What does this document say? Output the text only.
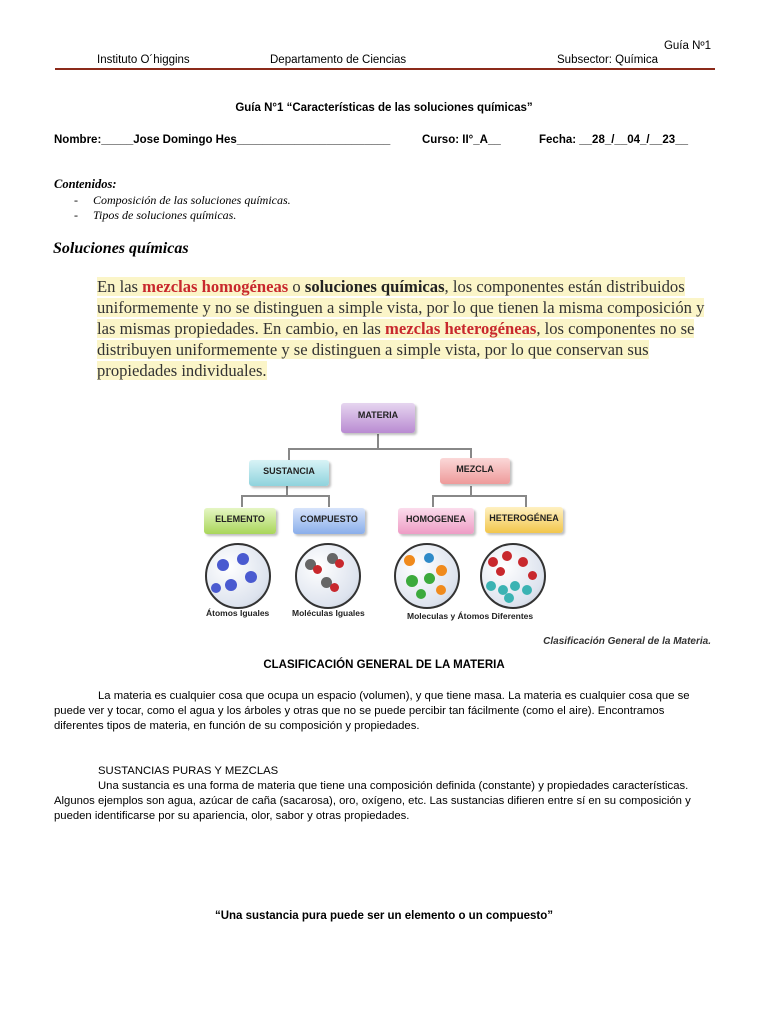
Guía Nº1
Instituto O´higgins	Departamento de Ciencias	Subsector: Química
Guía N°1 “Características de las soluciones químicas”
Nombre:_____Jose Domingo Hes________________________	Curso: II°_A__	Fecha: __28_/__04_/__23__
Contenidos:
-     Composición de las soluciones químicas.
-     Tipos de soluciones químicas.
Soluciones químicas
En las mezclas homogéneas o soluciones químicas, los componentes están distribuidos uniformemente y no se distinguen a simple vista, por lo que tienen la misma composición y las mismas propiedades. En cambio, en las mezclas heterogéneas, los componentes no se distribuyen uniformemente y se distinguen a simple vista, por lo que conservan sus propiedades individuales.
MATERIA
SUSTANCIA	MEZCLA
ELEMENTO	COMPUESTO	HOMOGENEA	HETEROGÉNEA
Átomos Iguales	Moléculas Iguales	Moleculas y Átomos Diferentes
Clasificación General de la Materia.
CLASIFICACIÓN GENERAL DE LA MATERIA
La materia es cualquier cosa que ocupa un espacio (volumen), y que tiene masa. La materia es cualquier cosa que se puede ver y tocar, como el agua y los árboles y otras que no se puede percibir tan fácilmente (como el aire). Encontramos diferentes tipos de materia, en función de su composición y propiedades.
SUSTANCIAS PURAS Y MEZCLAS
Una sustancia es una forma de materia que tiene una composición definida (constante) y propiedades características. Algunos ejemplos son agua, azúcar de caña (sacarosa), oro, oxígeno, etc. Las sustancias difieren entre sí en su composición y pueden identificarse por su apariencia, olor, sabor y otras propiedades.
“Una sustancia pura puede ser un elemento o un compuesto”
